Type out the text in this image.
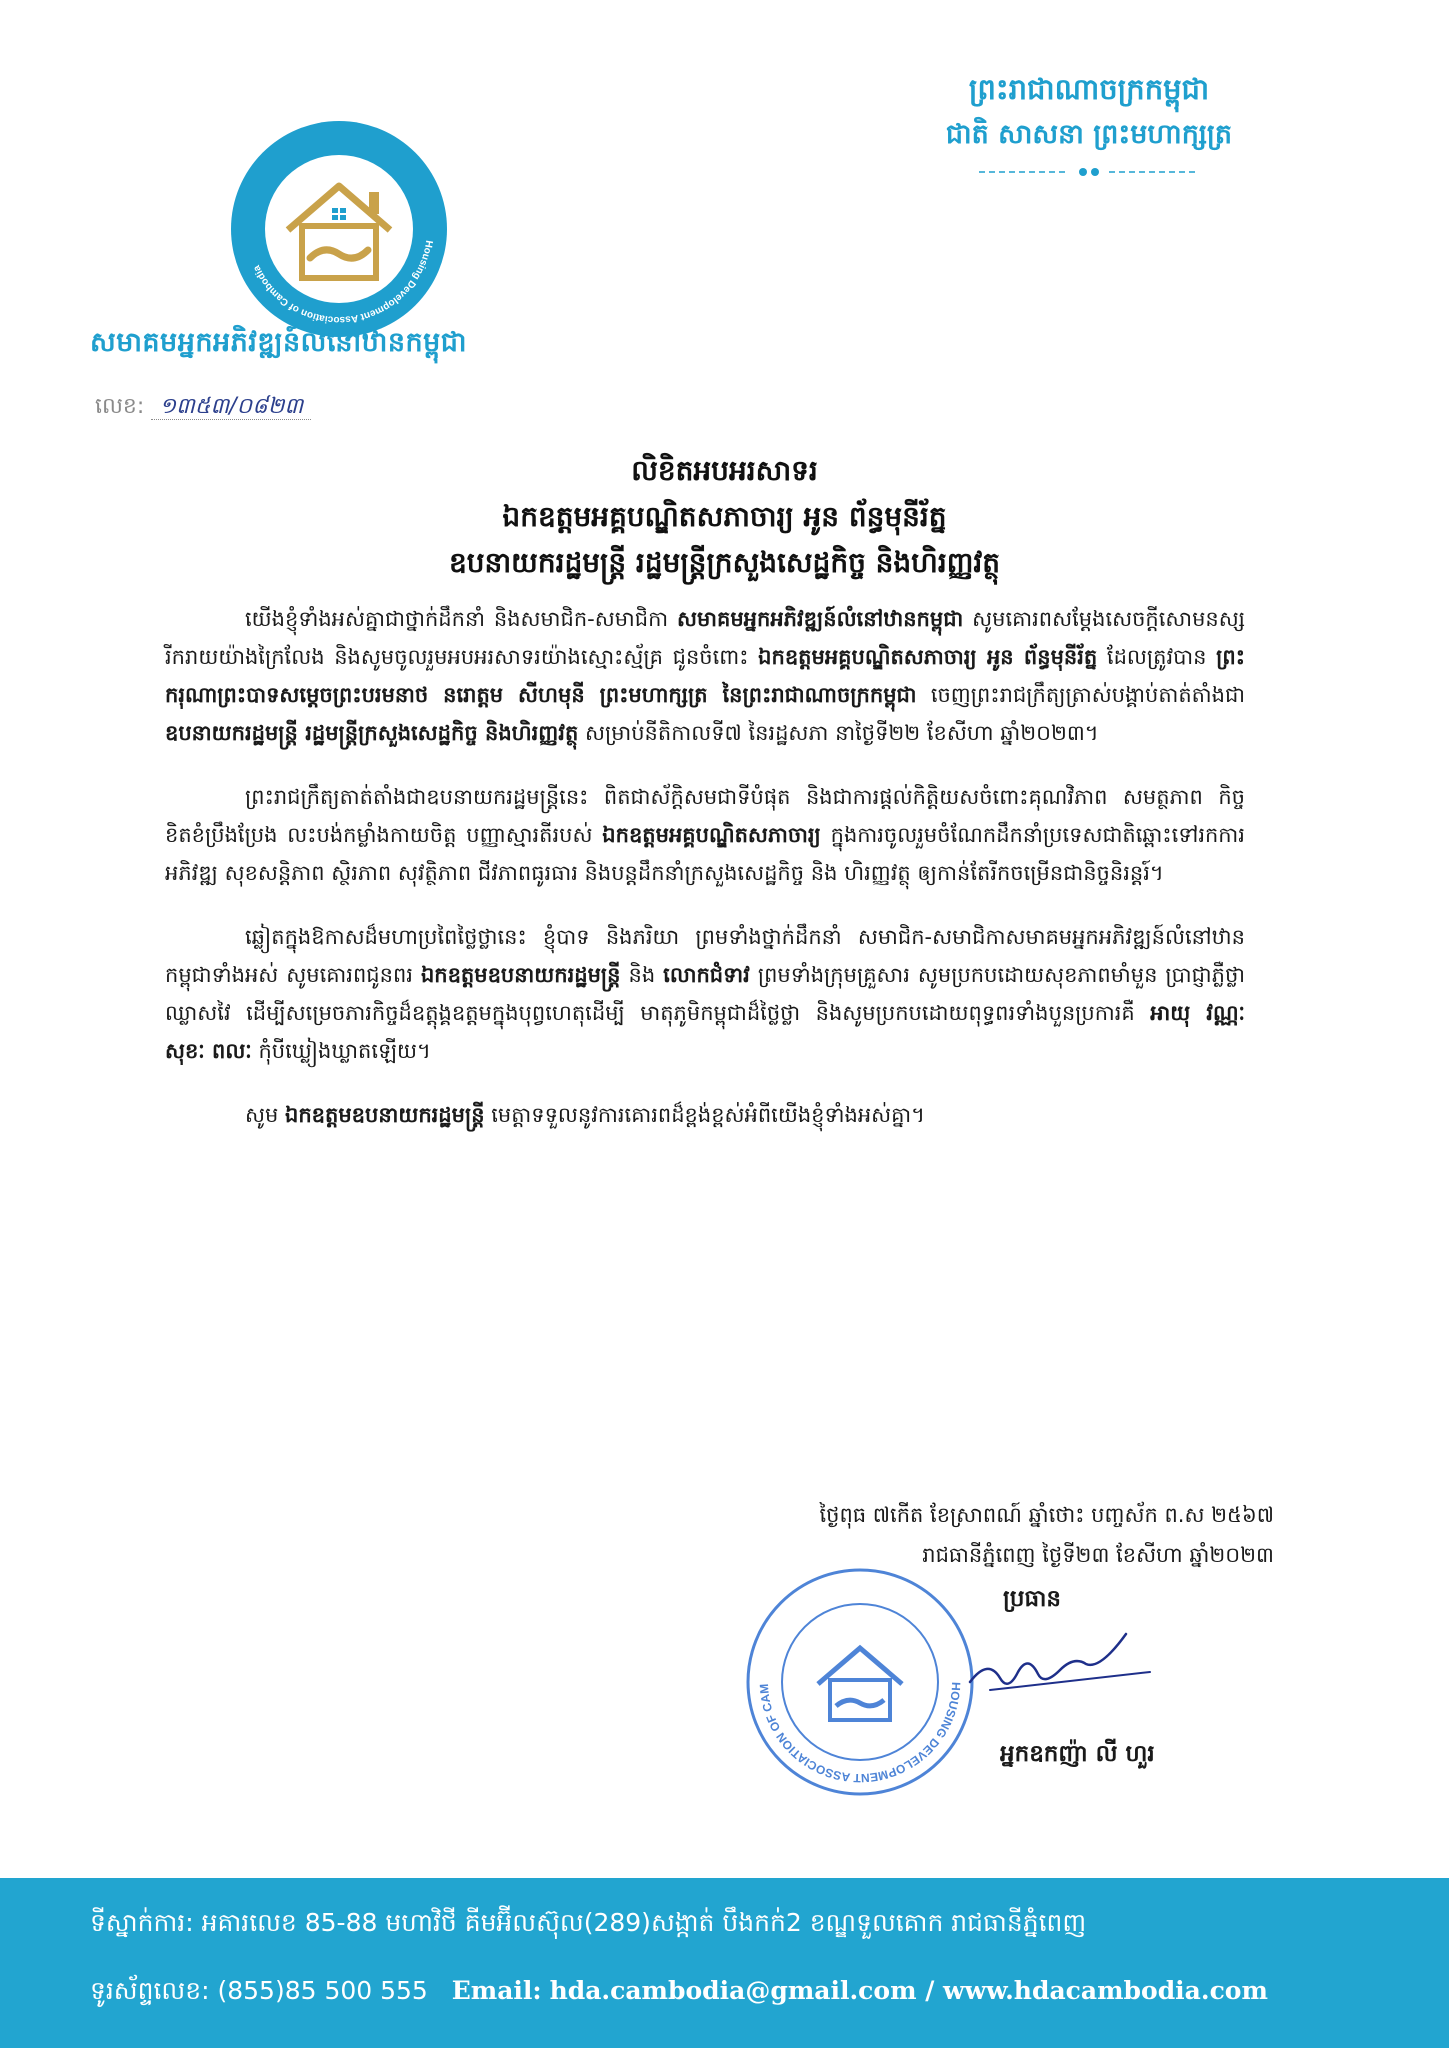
Housing Development Association of Cambodia
សមាគមអ្នកអភិវឌ្ឍន៍លំនៅឋានកម្ពុជា
លេខ: ១៣៥៣/០៨២៣
ព្រះរាជាណាចក្រកម្ពុជា
ជាតិ សាសនា ព្រះមហាក្សត្រ
លិខិតអបអរសាទរ
ឯកឧត្តមអគ្គបណ្ឌិតសភាចារ្យ អូន ព័ន្ធមុនីរ័ត្ន
ឧបនាយករដ្ឋមន្ត្រី រដ្ឋមន្ត្រីក្រសួងសេដ្ឋកិច្ច និងហិរញ្ញវត្ថុ

យើងខ្ញុំទាំងអស់គ្នាជាថ្នាក់ដឹកនាំ និងសមាជិក-សមាជិកា សមាគមអ្នកអភិវឌ្ឍន៍លំនៅឋានកម្ពុជា សូមគោរពសម្តែងសេចក្តីសោមនស្សរីករាយយ៉ាងក្រៃលែង និងសូមចូលរួមអបអរសាទរយ៉ាងស្មោះស្ម័គ្រ ជូនចំពោះ ឯកឧត្តមអគ្គបណ្ឌិតសភាចារ្យ អូន ព័ន្ធមុនីរ័ត្ន ដែលត្រូវបាន ព្រះករុណាព្រះបាទសម្តេចព្រះបរមនាថ នរោត្តម សីហមុនី ព្រះមហាក្សត្រ នៃព្រះរាជាណាចក្រកម្ពុជា ចេញព្រះរាជក្រឹត្យត្រាស់បង្គាប់តាត់តាំងជា ឧបនាយករដ្ឋមន្ត្រី រដ្ឋមន្ត្រីក្រសួងសេដ្ឋកិច្ច និងហិរញ្ញវត្ថុ សម្រាប់នីតិកាលទី៧ នៃរដ្ឋសភា នាថ្ងៃទី២២ ខែសីហា ឆ្នាំ២០២៣។

ព្រះរាជក្រឹត្យតាត់តាំងជាឧបនាយករដ្ឋមន្ត្រីនេះ ពិតជាស័ក្តិសមជាទីបំផុត និងជាការផ្តល់កិត្តិយសចំពោះគុណវិភាព សមត្ថភាព កិច្ចខិតខំប្រឹងប្រែង លះបង់កម្លាំងកាយចិត្ត បញ្ញាស្មារតីរបស់ ឯកឧត្តមអគ្គបណ្ឌិតសភាចារ្យ ក្នុងការចូលរួមចំណែកដឹកនាំប្រទេសជាតិឆ្ពោះទៅរកការអភិវឌ្ឍ សុខសន្តិភាព ស្ថិរភាព សុវត្ថិភាព ជីវភាពធូរធារ និងបន្តដឹកនាំក្រសួងសេដ្ឋកិច្ច និង ហិរញ្ញវត្ថុ ឲ្យកាន់តែរីកចម្រើនជានិច្ចនិរន្តរ៍។

ឆ្លៀតក្នុងឱកាសដ៏មហាប្រពៃថ្លៃថ្លានេះ ខ្ញុំបាទ និងភរិយា ព្រមទាំងថ្នាក់ដឹកនាំ សមាជិក-សមាជិកាសមាគមអ្នកអភិវឌ្ឍន៍លំនៅឋានកម្ពុជាទាំងអស់ សូមគោរពជូនពរ ឯកឧត្តមឧបនាយករដ្ឋមន្ត្រី និង លោកជំទាវ ព្រមទាំងក្រុមគ្រួសារ សូមប្រកបដោយសុខភាពមាំមួន ប្រាជ្ញាភ្លឺថ្លាឈ្លាសវៃ ដើម្បីសម្រេចភារកិច្ចដ៏ឧត្តុង្គឧត្តមក្នុងបុព្វហេតុដើម្បី មាតុភូមិកម្ពុជាដ៏ថ្លៃថ្លា និងសូមប្រកបដោយពុទ្ធពរទាំងបួនប្រការគឺ អាយុ វណ្ណៈ សុខៈ ពលៈ កុំបីឃ្លៀងឃ្លាតឡើយ។

សូម ឯកឧត្តមឧបនាយករដ្ឋមន្ត្រី មេត្តាទទួលនូវការគោរពដ៏ខ្ពង់ខ្ពស់អំពីយើងខ្ញុំទាំងអស់គ្នា។

ថ្ងៃពុធ ៧កើត ខែស្រាពណ៍ ឆ្នាំថោះ បញ្ចស័ក ព.ស ២៥៦៧
រាជធានីភ្នំពេញ ថ្ងៃទី២៣ ខែសីហា ឆ្នាំ២០២៣
HOUSING DEVELOPMENT ASSOCIATION OF CAM
ប្រធាន
អ្នកឧកញ៉ា លី ហួរ
ទីស្នាក់ការ: អគារលេខ 85-88 មហាវិថី គីមអ៊ីលស៊ុល(289)សង្កាត់ បឹងកក់2 ខណ្ឌទួលគោក រាជធានីភ្នំពេញ
ទូរស័ព្ទលេខ: (855)85 500 555 Email: hda.cambodia@gmail.com / www.hdacambodia.com
